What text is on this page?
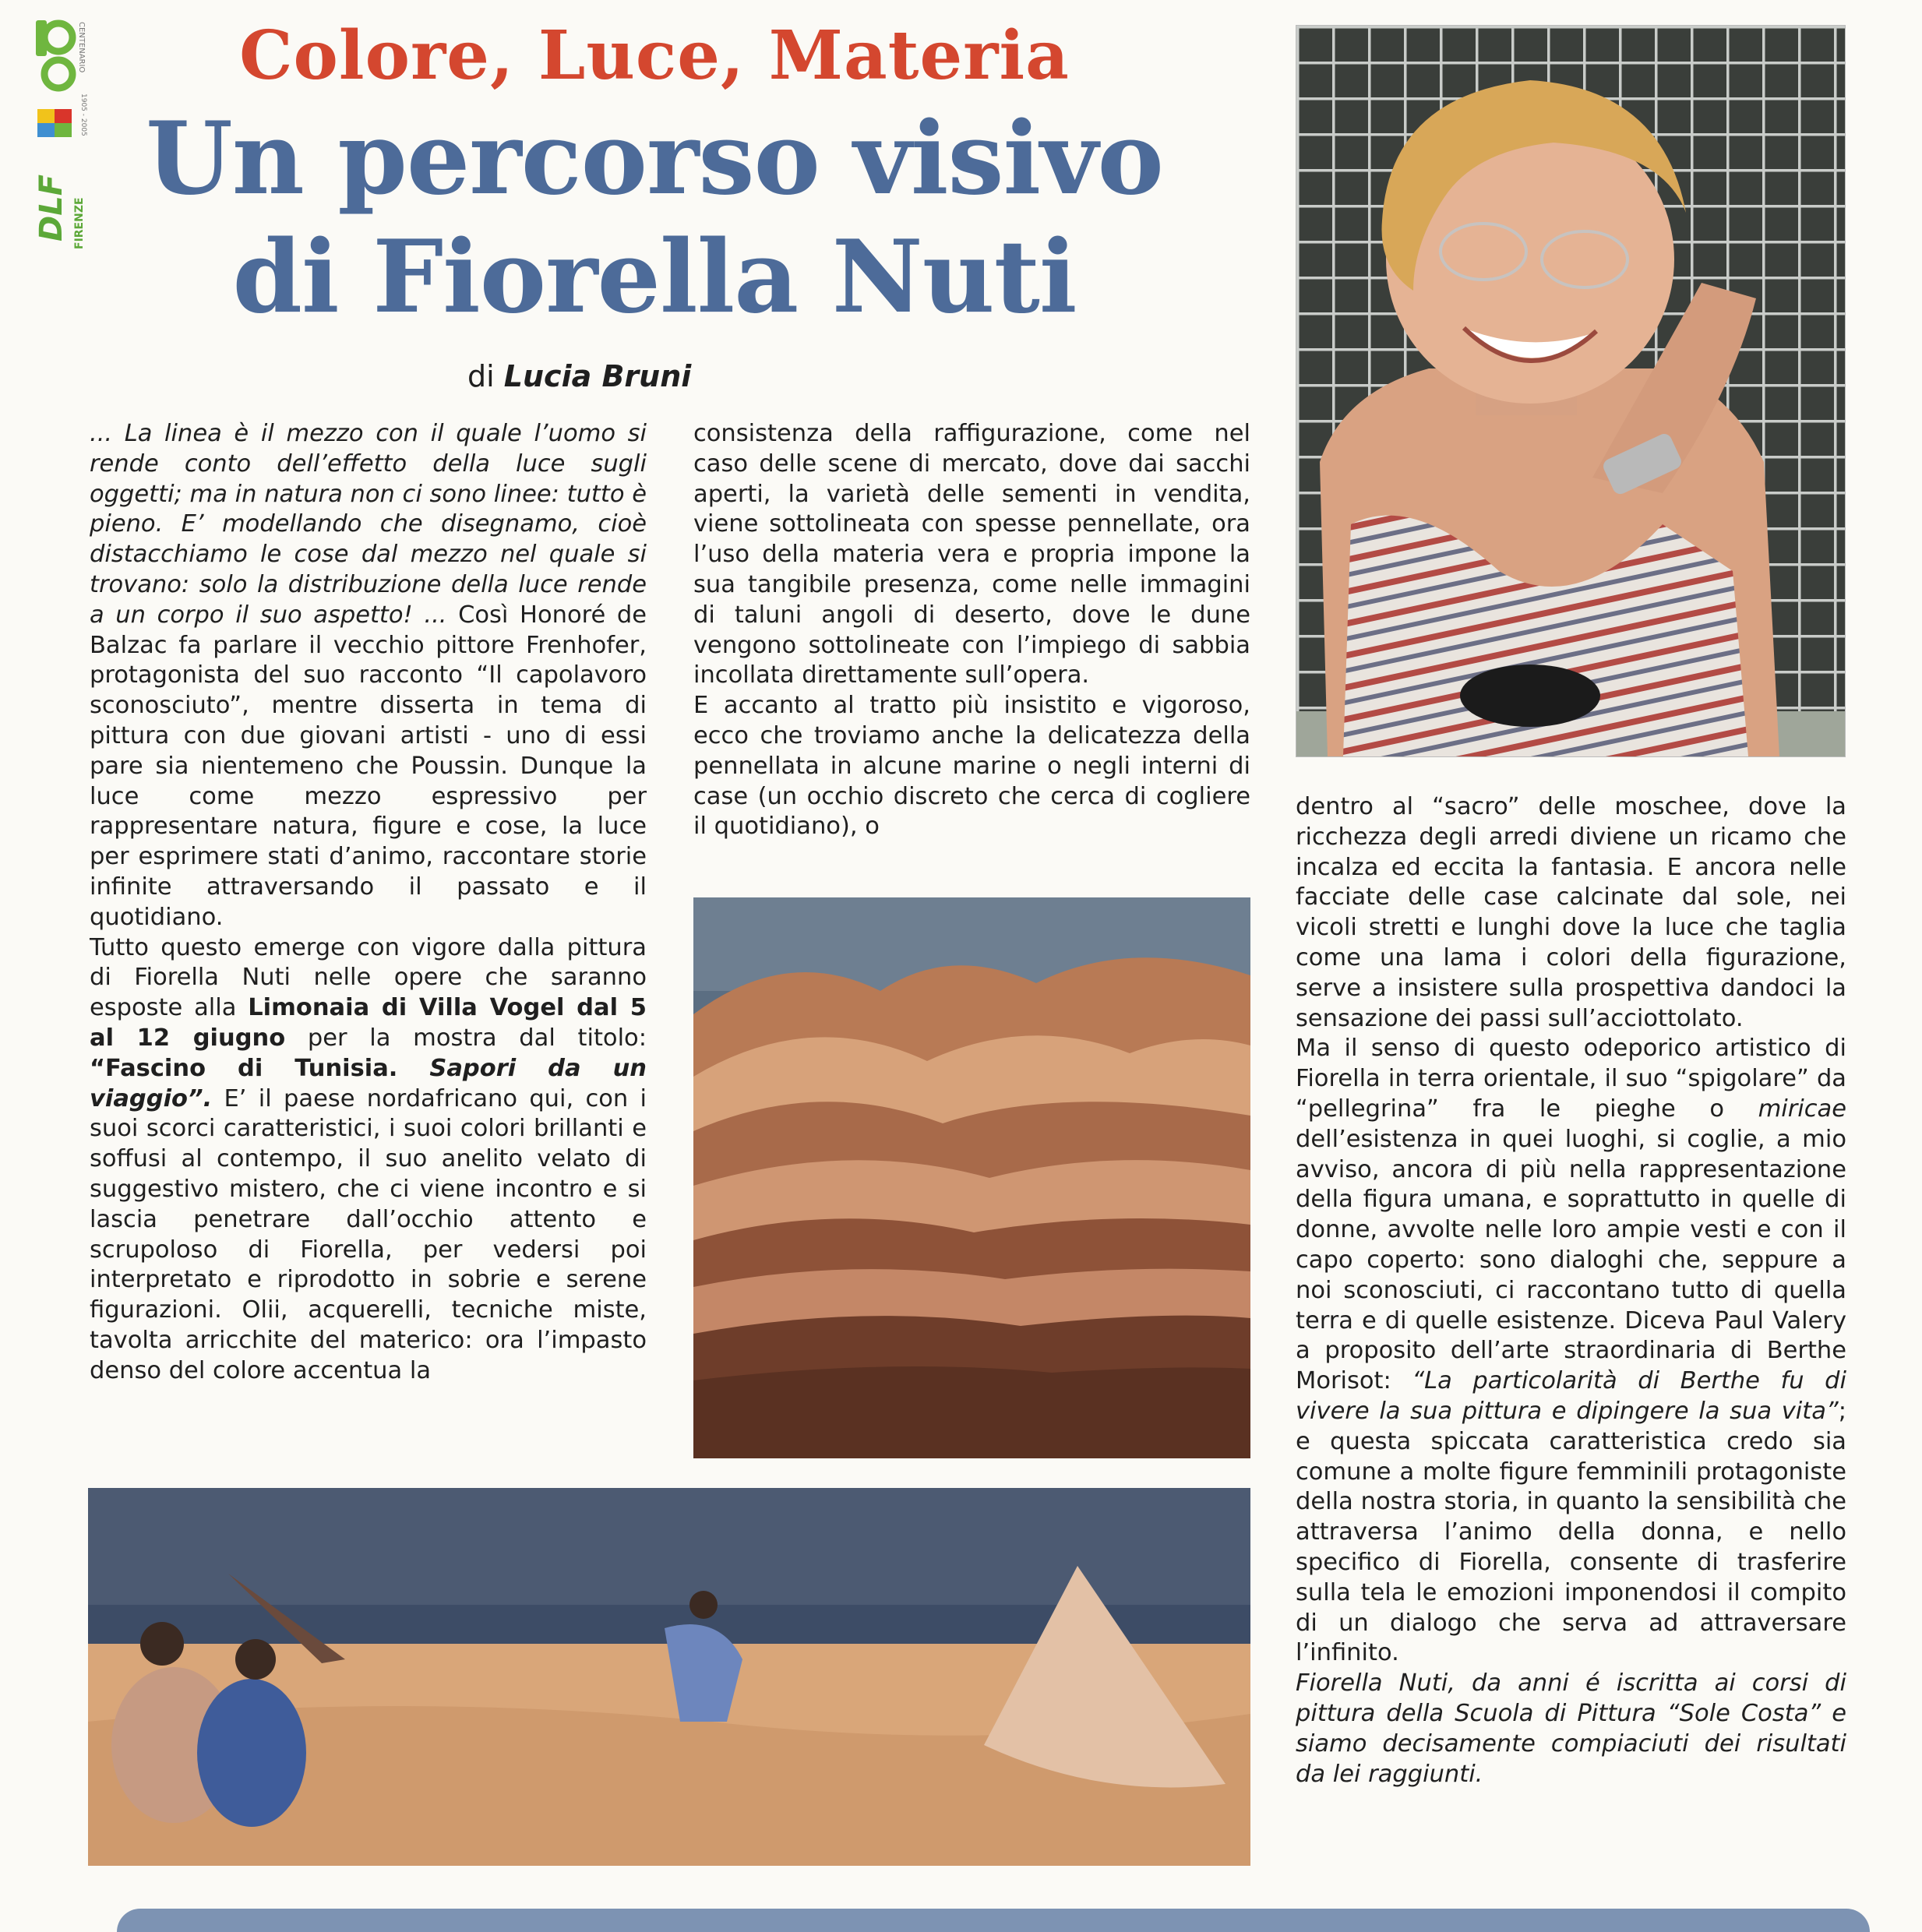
CENTENARIO
1905 - 2005
DLF FIRENZE
Colore, Luce, Materia
Un percorso visivo
di Fiorella Nuti
di Lucia Bruni

... La linea è il mezzo con il quale l’uomo si rende conto dell’effetto della luce sugli oggetti; ma in natura non ci sono linee: tutto è pieno. E’ modellando che disegnamo, cioè distacchiamo le cose dal mezzo nel quale si trovano: solo la distribuzione della luce rende a un corpo il suo aspetto! ... Così Honoré de Balzac fa parlare il vecchio pittore Frenhofer, protagonista del suo racconto “Il capolavoro sconosciuto”, mentre disserta in tema di pittura con due giovani artisti - uno di essi pare sia nientemeno che Poussin. Dunque la luce come mezzo espressivo per rappresentare natura, figure e cose, la luce per esprimere stati d’animo, raccontare storie infinite attraversando il passato e il quotidiano.

Tutto questo emerge con vigore dalla pittura di Fiorella Nuti nelle opere che saranno esposte alla Limonaia di Villa Vogel dal 5 al 12 giugno per la mostra dal titolo: “Fascino di Tunisia. Sapori da un viaggio”. E’ il paese nordafricano qui, con i suoi scorci caratteristici, i suoi colori brillanti e soffusi al contempo, il suo anelito velato di suggestivo mistero, che ci viene incontro e si lascia penetrare dall’occhio attento e scrupoloso di Fiorella, per vedersi poi interpretato e riprodotto in sobrie e serene figurazioni. Olii, acquerelli, tecniche miste, tavolta arricchite del materico: ora l’impasto denso del colore accentua la

consistenza della raffigurazione, come nel caso delle scene di mercato, dove dai sacchi aperti, la varietà delle sementi in vendita, viene sottolineata con spesse pennellate, ora l’uso della materia vera e propria impone la sua tangibile presenza, come nelle immagini di taluni angoli di deserto, dove le dune vengono sottolineate con l’impiego di sabbia incollata direttamente sull’opera.

E accanto al tratto più insistito e vigoroso, ecco che troviamo anche la delicatezza della pennellata in alcune marine o negli interni di case (un occhio discreto che cerca di cogliere il quotidiano), o

dentro al “sacro” delle moschee, dove la ricchezza degli arredi diviene un ricamo che incalza ed eccita la fantasia. E ancora nelle facciate delle case calcinate dal sole, nei vicoli stretti e lunghi dove la luce che taglia come una lama i colori della figurazione, serve a insistere sulla prospettiva dandoci la sensazione dei passi sull’acciottolato.

Ma il senso di questo odeporico artistico di Fiorella in terra orientale, il suo “spigolare” da “pellegrina” fra le pieghe o miricae dell’esistenza in quei luoghi, si coglie, a mio avviso, ancora di più nella rappresentazione della figura umana, e soprattutto in quelle di donne, avvolte nelle loro ampie vesti e con il capo coperto: sono dialoghi che, seppure a noi sconosciuti, ci raccontano tutto di quella terra e di quelle esistenze. Diceva Paul Valery a proposito dell’arte straordinaria di Berthe Morisot: “La particolarità di Berthe fu di vivere la sua pittura e dipingere la sua vita”; e questa spiccata caratteristica credo sia comune a molte figure femminili protagoniste della nostra storia, in quanto la sensibilità che attraversa l’animo della donna, e nello specifico di Fiorella, consente di trasferire sulla tela le emozioni imponendosi il compito di un dialogo che serva ad attraversare l’infinito.

Fiorella Nuti, da anni é iscritta ai corsi di pittura della Scuola di Pittura “Sole Costa” e siamo decisamente compiaciuti dei risultati da lei raggiunti.
